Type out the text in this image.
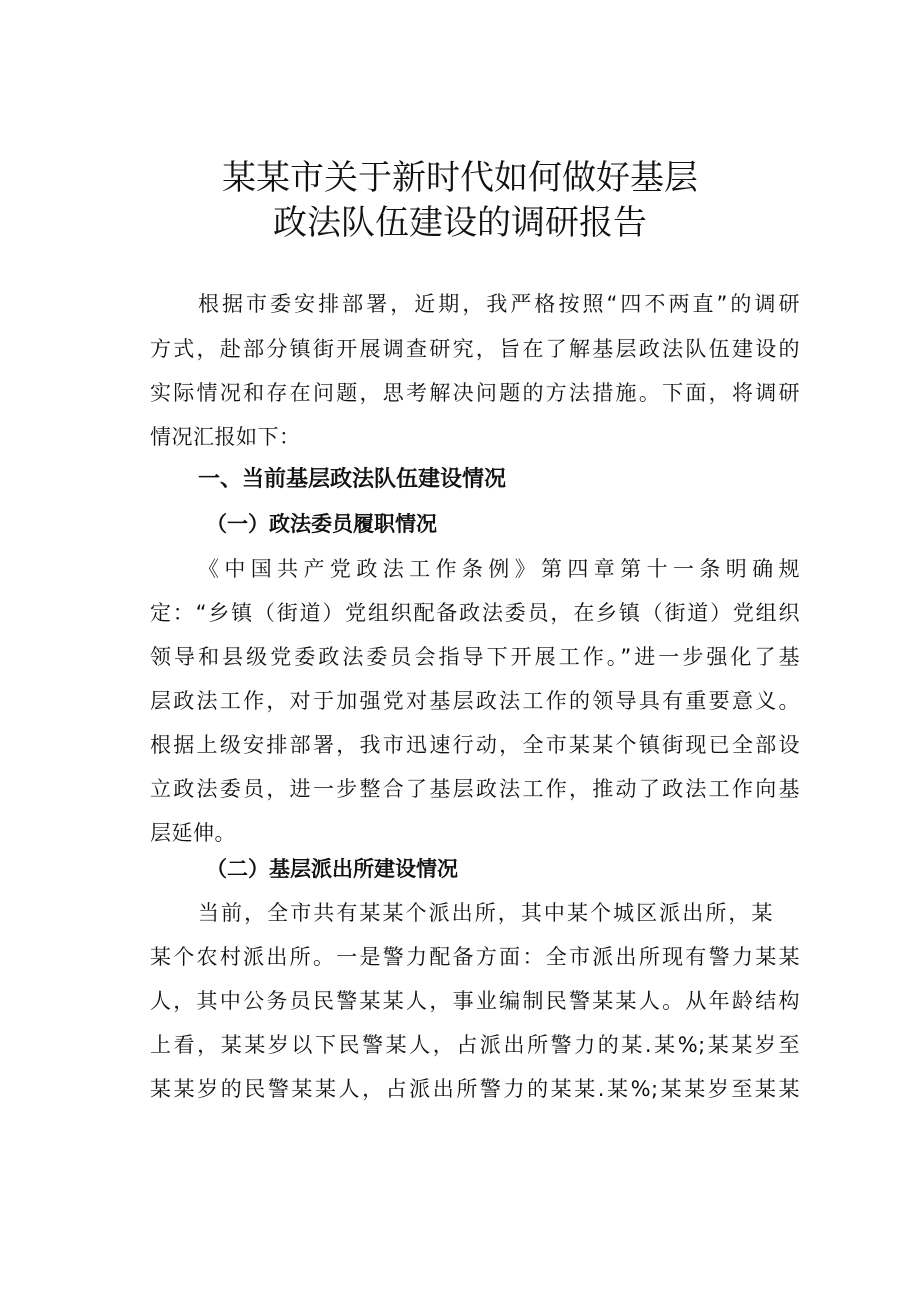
某某市关于新时代如何做好基层
政法队伍建设的调研报告
根据市委安排部署，近期，我严格按照“四不两直”的调研
方式，赴部分镇街开展调查研究，旨在了解基层政法队伍建设的
实际情况和存在问题，思考解决问题的方法措施。下面，将调研
情况汇报如下：
一、当前基层政法队伍建设情况
（一）政法委员履职情况
《中国共产党政法工作条例》第四章第十一条明确规
定：“乡镇（街道）党组织配备政法委员，在乡镇（街道）党组织
领导和县级党委政法委员会指导下开展工作。”进一步强化了基
层政法工作，对于加强党对基层政法工作的领导具有重要意义。
根据上级安排部署，我市迅速行动，全市某某个镇街现已全部设
立政法委员，进一步整合了基层政法工作，推动了政法工作向基
层延伸。
（二）基层派出所建设情况
当前，全市共有某某个派出所，其中某个城区派出所，某
某个农村派出所。一是警力配备方面：全市派出所现有警力某某
人，其中公务员民警某某人，事业编制民警某某人。从年龄结构
上看，某某岁以下民警某人，占派出所警力的某.某%;某某岁至
某某岁的民警某某人，占派出所警力的某某.某%;某某岁至某某
